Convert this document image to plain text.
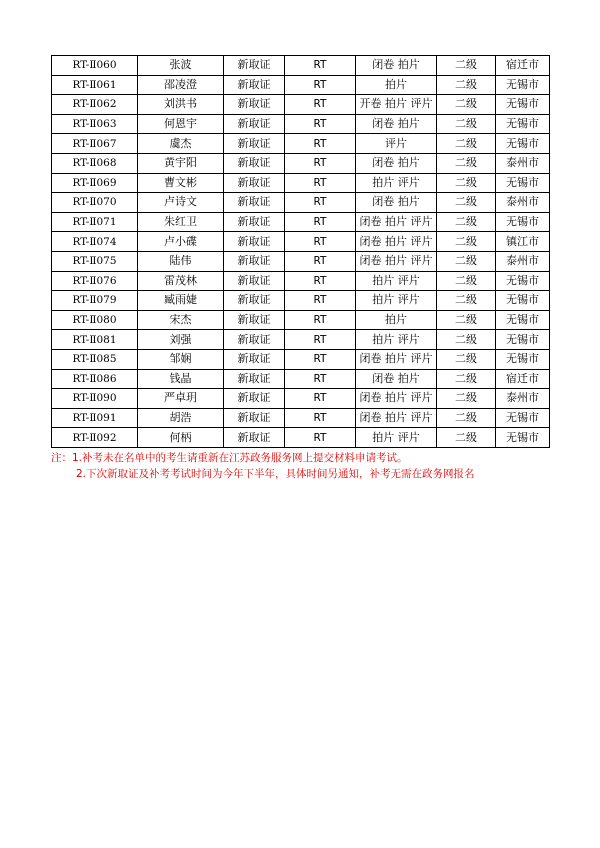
RT-Ⅱ060	张波	新取证	RT	闭卷 拍片	二级	宿迁市
RT-Ⅱ061	邵凌澄	新取证	RT	拍片	二级	无锡市
RT-Ⅱ062	刘洪书	新取证	RT	开卷 拍片 评片	二级	无锡市
RT-Ⅱ063	何恩宇	新取证	RT	闭卷 拍片	二级	无锡市
RT-Ⅱ067	虞杰	新取证	RT	评片	二级	无锡市
RT-Ⅱ068	黄宇阳	新取证	RT	闭卷 拍片	二级	泰州市
RT-Ⅱ069	曹文彬	新取证	RT	拍片 评片	二级	无锡市
RT-Ⅱ070	卢诗文	新取证	RT	闭卷 拍片	二级	泰州市
RT-Ⅱ071	朱红卫	新取证	RT	闭卷 拍片 评片	二级	无锡市
RT-Ⅱ074	卢小碟	新取证	RT	闭卷 拍片 评片	二级	镇江市
RT-Ⅱ075	陆伟	新取证	RT	闭卷 拍片 评片	二级	泰州市
RT-Ⅱ076	雷茂林	新取证	RT	拍片 评片	二级	无锡市
RT-Ⅱ079	臧雨婕	新取证	RT	拍片 评片	二级	无锡市
RT-Ⅱ080	宋杰	新取证	RT	拍片	二级	无锡市
RT-Ⅱ081	刘强	新取证	RT	拍片 评片	二级	无锡市
RT-Ⅱ085	邹娴	新取证	RT	闭卷 拍片 评片	二级	无锡市
RT-Ⅱ086	钱晶	新取证	RT	闭卷 拍片	二级	宿迁市
RT-Ⅱ090	严卓玥	新取证	RT	闭卷 拍片 评片	二级	泰州市
RT-Ⅱ091	胡浩	新取证	RT	闭卷 拍片 评片	二级	无锡市
RT-Ⅱ092	何柄	新取证	RT	拍片 评片	二级	无锡市
注：1.补考未在名单中的考生请重新在江苏政务服务网上提交材料申请考试。
2.下次新取证及补考考试时间为今年下半年，具体时间另通知，补考无需在政务网报名
